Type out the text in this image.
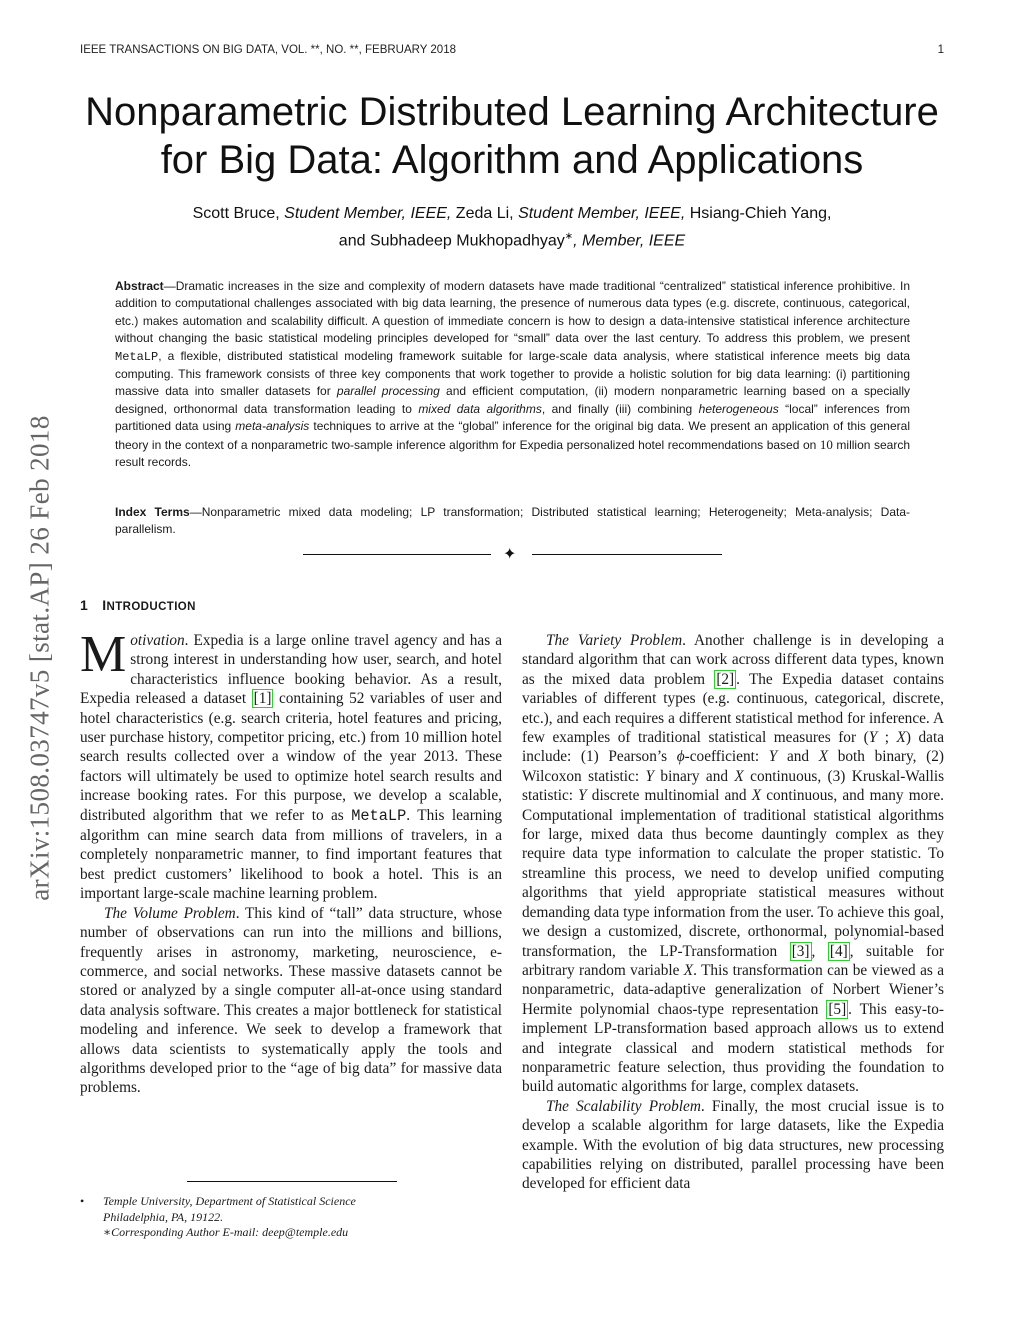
IEEE TRANSACTIONS ON BIG DATA, VOL. **, NO. **, FEBRUARY 2018	1
arXiv:1508.03747v5 [stat.AP] 26 Feb 2018
Nonparametric Distributed Learning Architecture
for Big Data: Algorithm and Applications
Scott Bruce, Student Member, IEEE, Zeda Li, Student Member, IEEE, Hsiang-Chieh Yang,
and Subhadeep Mukhopadhyay∗, Member, IEEE
Abstract—Dramatic increases in the size and complexity of modern datasets have made traditional “centralized” statistical inference prohibitive. In addition to computational challenges associated with big data learning, the presence of numerous data types (e.g. discrete, continuous, categorical, etc.) makes automation and scalability difficult. A question of immediate concern is how to design a data-intensive statistical inference architecture without changing the basic statistical modeling principles developed for “small” data over the last century. To address this problem, we present MetaLP, a flexible, distributed statistical modeling framework suitable for large-scale data analysis, where statistical inference meets big data computing. This framework consists of three key components that work together to provide a holistic solution for big data learning: (i) partitioning massive data into smaller datasets for parallel processing and efficient computation, (ii) modern nonparametric learning based on a specially designed, orthonormal data transformation leading to mixed data algorithms, and finally (iii) combining heterogeneous “local” inferences from partitioned data using meta-analysis techniques to arrive at the “global” inference for the original big data. We present an application of this general theory in the context of a nonparametric two-sample inference algorithm for Expedia personalized hotel recommendations based on 10 million search result records.
Index Terms—Nonparametric mixed data modeling; LP transformation; Distributed statistical learning; Heterogeneity; Meta-analysis; Data-parallelism.
✦
1 INTRODUCTION

Motivation. Expedia is a large online travel agency and has a strong interest in understanding how user, search, and hotel characteristics influence booking behavior. As a result, Expedia released a dataset [1] containing 52 variables of user and hotel characteristics (e.g. search criteria, hotel features and pricing, user purchase history, competitor pricing, etc.) from 10 million hotel search results collected over a window of the year 2013. These factors will ultimately be used to optimize hotel search results and increase booking rates. For this purpose, we develop a scalable, distributed algorithm that we refer to as MetaLP. This learning algorithm can mine search data from millions of travelers, in a completely nonparametric manner, to find important features that best predict customers’ likelihood to book a hotel. This is an important large-scale machine learning problem.

The Volume Problem. This kind of “tall” data structure, whose number of observations can run into the millions and billions, frequently arises in astronomy, marketing, neuroscience, e-commerce, and social networks. These massive datasets cannot be stored or analyzed by a single computer all-at-once using standard data analysis software. This creates a major bottleneck for statistical modeling and inference. We seek to develop a framework that allows data scientists to systematically apply the tools and algorithms developed prior to the “age of big data” for massive data problems.

The Variety Problem. Another challenge is in developing a standard algorithm that can work across different data types, known as the mixed data problem [2] . The Expedia dataset contains variables of different types (e.g. continuous, categorical, discrete, etc.), and each requires a different statistical method for inference. A few examples of traditional statistical measures for (Y ; X) data include: (1) Pearson’s ϕ-coefficient: Y and X both binary, (2) Wilcoxon statistic: Y binary and X continuous, (3) Kruskal-Wallis statistic: Y discrete multinomial and X continuous, and many more. Computational implementation of traditional statistical algorithms for large, mixed data thus become dauntingly complex as they require data type information to calculate the proper statistic. To streamline this process, we need to develop unified computing algorithms that yield appropriate statistical measures without demanding data type information from the user. To achieve this goal, we design a customized, discrete, orthonormal, polynomial-based transformation, the LP-Transformation [3] , [4] , suitable for arbitrary random variable X. This transformation can be viewed as a nonparametric, data-adaptive generalization of Norbert Wiener’s Hermite polynomial chaos-type representation [5] . This easy-to-implement LP-transformation based approach allows us to extend and integrate classical and modern statistical methods for nonparametric feature selection, thus providing the foundation to build automatic algorithms for large, complex datasets.

The Scalability Problem. Finally, the most crucial issue is to develop a scalable algorithm for large datasets, like the Expedia example. With the evolution of big data structures, new processing capabilities relying on distributed, parallel processing have been developed for efficient data

• Temple University, Department of Statistical Science
Philadelphia, PA, 19122.
∗Corresponding Author E-mail: deep@temple.edu
